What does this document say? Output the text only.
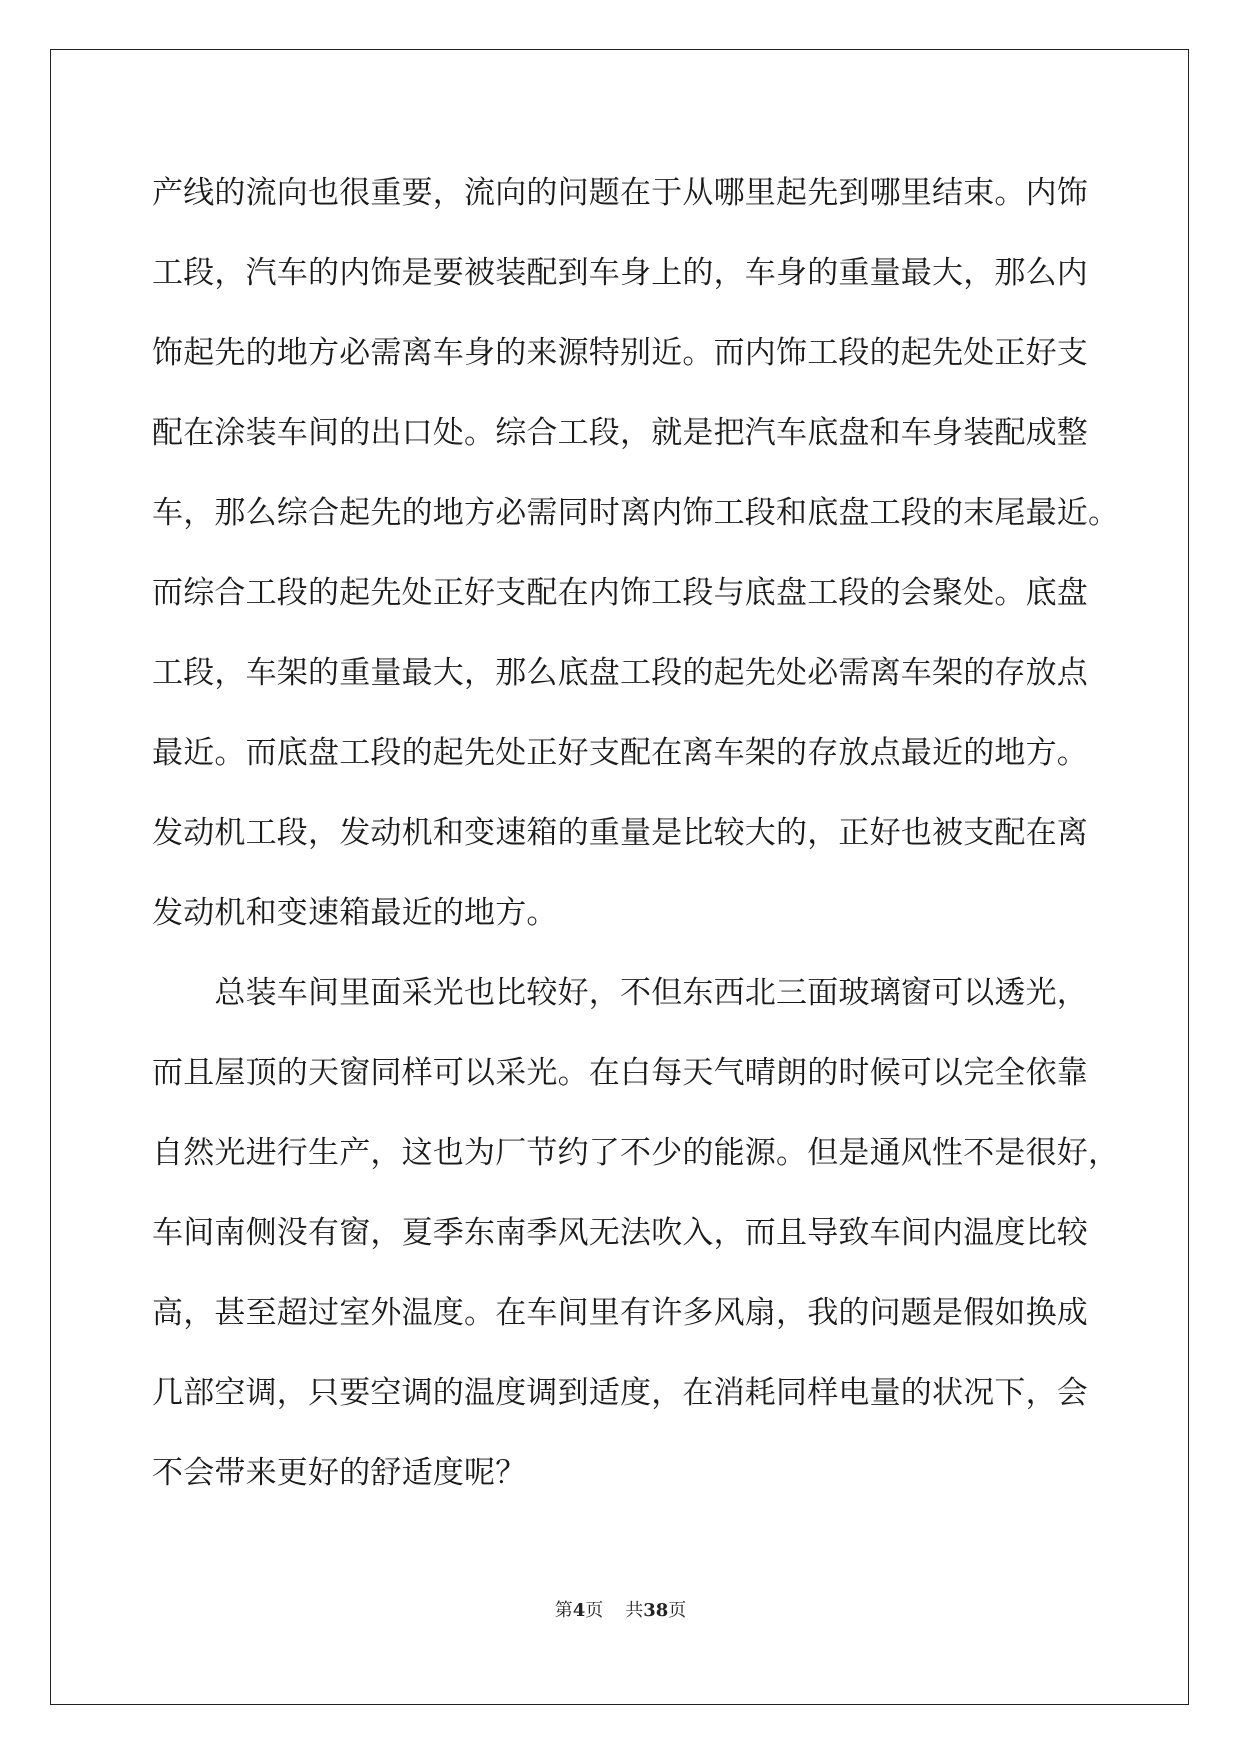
产线的流向也很重要，流向的问题在于从哪里起先到哪里结束。内饰
工段，汽车的内饰是要被装配到车身上的，车身的重量最大，那么内
饰起先的地方必需离车身的来源特别近。而内饰工段的起先处正好支
配在涂装车间的出口处。综合工段，就是把汽车底盘和车身装配成整
车，那么综合起先的地方必需同时离内饰工段和底盘工段的末尾最近。
而综合工段的起先处正好支配在内饰工段与底盘工段的会聚处。底盘
工段，车架的重量最大，那么底盘工段的起先处必需离车架的存放点
最近。而底盘工段的起先处正好支配在离车架的存放点最近的地方。
发动机工段，发动机和变速箱的重量是比较大的，正好也被支配在离
发动机和变速箱最近的地方。
　　总装车间里面采光也比较好，不但东西北三面玻璃窗可以透光，
而且屋顶的天窗同样可以采光。在白每天气晴朗的时候可以完全依靠
自然光进行生产，这也为厂节约了不少的能源。但是通风性不是很好，
车间南侧没有窗，夏季东南季风无法吹入，而且导致车间内温度比较
高，甚至超过室外温度。在车间里有许多风扇，我的问题是假如换成
几部空调，只要空调的温度调到适度，在消耗同样电量的状况下，会
不会带来更好的舒适度呢？
第4页 共38页
